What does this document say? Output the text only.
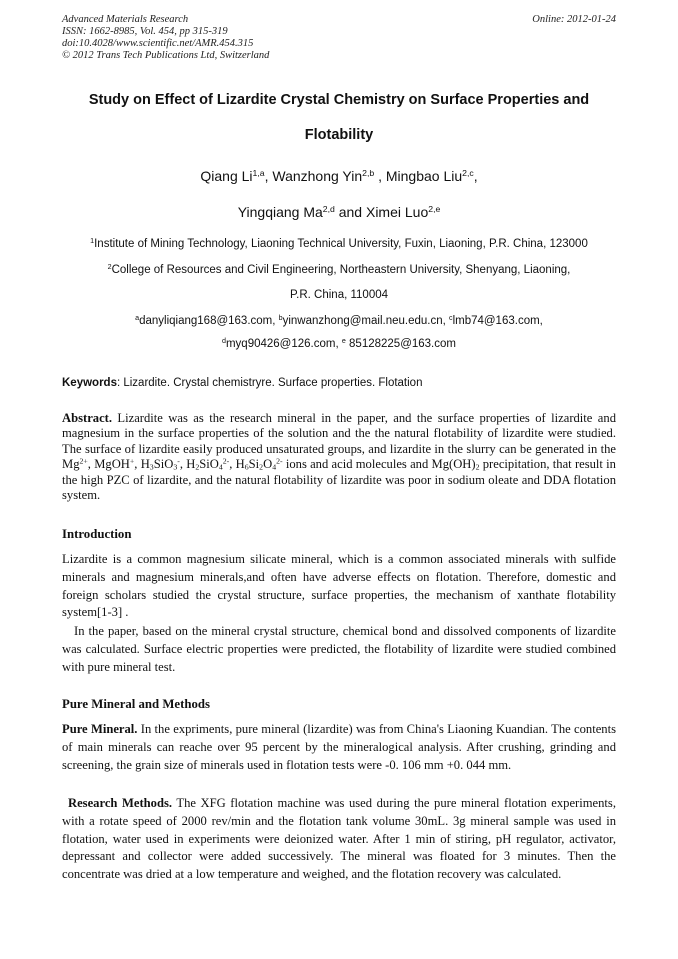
Advanced Materials Research
ISSN: 1662-8985, Vol. 454, pp 315-319
doi:10.4028/www.scientific.net/AMR.454.315
© 2012 Trans Tech Publications Ltd, Switzerland
Online: 2012-01-24
Study on Effect of Lizardite Crystal Chemistry on Surface Properties and
Flotability
Qiang Li$^{1,a}$, Wanzhong Yin$^{2,b}$ , Mingbao Liu$^{2,c}$,
Yingqiang Ma$^{2,d}$ and Ximei Luo$^{2,e}$
$^1$Institute of Mining Technology, Liaoning Technical University, Fuxin, Liaoning, P.R. China, 123000
$^2$College of Resources and Civil Engineering, Northeastern University, Shenyang, Liaoning,
P.R. China, 110004
$^a$danyliqiang168@163.com, $^b$yinwanzhong@mail.neu.edu.cn, $^c$lmb74@163.com,
$^d$myq90426@126.com, $^e$ 85128225@163.com
Keywords: Lizardite. Crystal chemistryre. Surface properties. Flotation
Abstract. Lizardite was as the research mineral in the paper, and the surface properties of lizardite and magnesium in the surface properties of the solution and the the natural flotability of lizardite were studied. The surface of lizardite easily produced unsaturated groups, and lizardite in the slurry can be generated in the $Mg^{2+}$, MgOH+, $H_3SiO_3^-$, $H_2SiO_4^{2-}$, $H_6Si_2O_4^{2-}$ ions and acid molecules and $Mg(OH)_2$ precipitation, that result in the high PZC of lizardite, and the natural flotability of lizardite was poor in sodium oleate and DDA flotation system.
Introduction
Lizardite is a common magnesium silicate mineral, which is a common associated minerals with sulfide minerals and magnesium minerals,and often have adverse effects on flotation. Therefore, domestic and foreign scholars studied the crystal structure, surface properties, the mechanism of xanthate flotability system[1-3] .
In the paper, based on the mineral crystal structure, chemical bond and dissolved components of lizardite was calculated. Surface electric properties were predicted, the flotability of lizardite were studied combined with pure mineral test.
Pure Mineral and Methods
Pure Mineral. In the expriments, pure mineral (lizardite) was from China's Liaoning Kuandian. The contents of main minerals can reache over 95 percent by the mineralogical analysis. After crushing, grinding and screening, the grain size of minerals used in flotation tests were -0. 106 mm +0. 044 mm.
Research Methods. The XFG flotation machine was used during the pure mineral flotation experiments, with a rotate speed of 2000 rev/min and the flotation tank volume 30mL. 3g mineral sample was used in flotation, water used in experiments were deionized water. After 1 min of stiring, pH regulator, activator, depressant and collector were added successively. The mineral was floated for 3 minutes. Then the concentrate was dried at a low temperature and weighed, and the flotation recovery was calculated.
